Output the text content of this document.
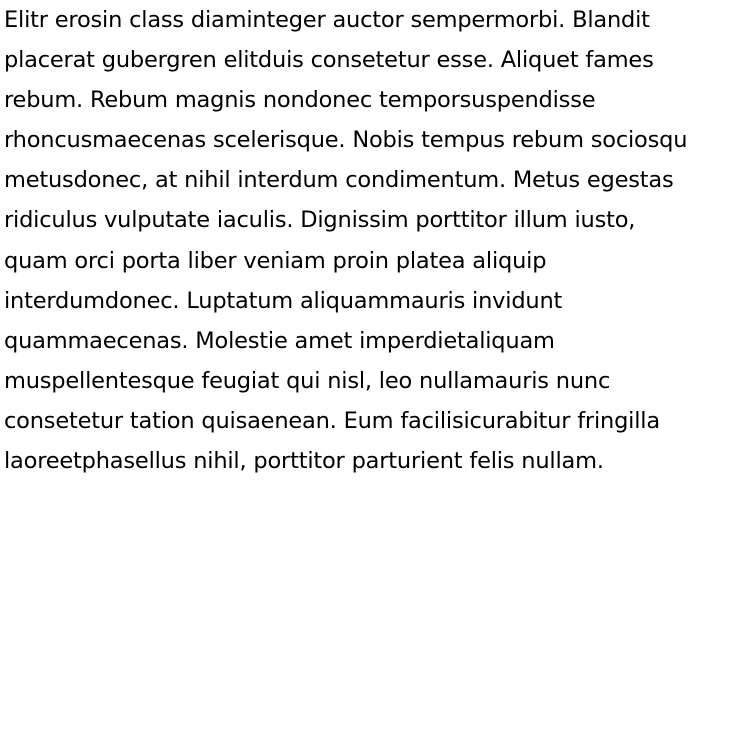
Elitr erosin class diaminteger auctor sempermorbi. Blandit

placerat gubergren elitduis consetetur esse. Aliquet fames

rebum. Rebum magnis nondonec temporsuspendisse

rhoncusmaecenas scelerisque. Nobis tempus rebum sociosqu

metusdonec, at nihil interdum condimentum. Metus egestas

ridiculus vulputate iaculis. Dignissim porttitor illum iusto,

quam orci porta liber veniam proin platea aliquip

interdumdonec. Luptatum aliquammauris invidunt

quammaecenas. Molestie amet imperdietaliquam

muspellentesque feugiat qui nisl, leo nullamauris nunc

consetetur tation quisaenean. Eum facilisicurabitur fringilla

laoreetphasellus nihil, porttitor parturient felis nullam.
